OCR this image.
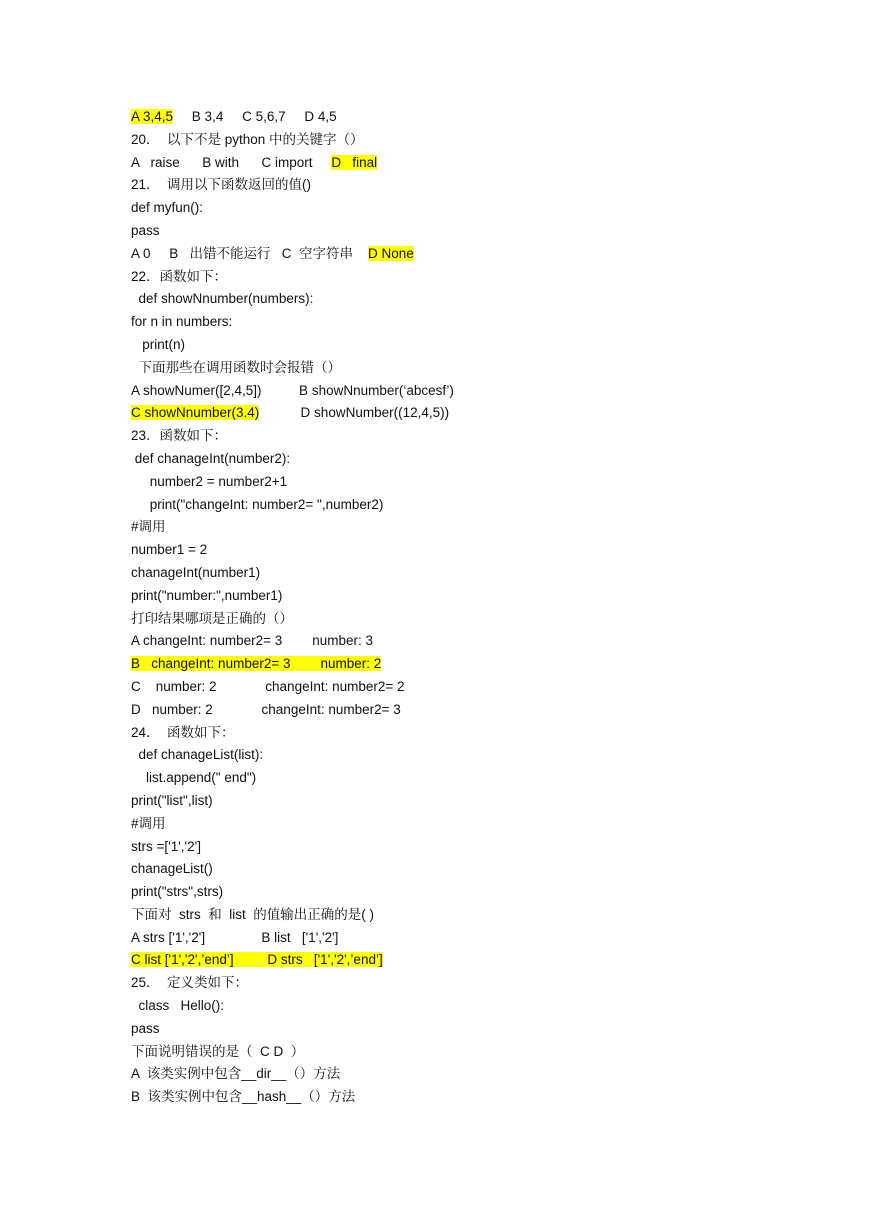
A 3,4,5     B 3,4     C 5,6,7     D 4,5
20．  以下不是 python 中的关键字（）
A   raise      B with      C import     D   final
21．  调用以下函数返回的值()
def myfun():
pass
A 0     B   出错不能运行   C  空字符串    D None
22．函数如下：
def showNnumber(numbers):
for n in numbers:
print(n)
下面那些在调用函数时会报错（）
A showNumer([2,4,5])          B showNnumber(‘abcesf’)
C showNnumber(3.4)           D showNumber((12,4,5))
23．函数如下：
def chanageInt(number2):
number2 = number2+1
print("changeInt: number2= ",number2)
#调用
number1 = 2
chanageInt(number1)
print("number:",number1)
打印结果哪项是正确的（）
A changeInt: number2= 3        number: 3
B   changeInt: number2= 3        number: 2
C    number: 2             changeInt: number2= 2
D   number: 2             changeInt: number2= 3
24．  函数如下：
def chanageList(list):
list.append(" end")
print("list",list)
#调用
strs =['1','2']
chanageList()
print("strs",strs)
下面对  strs  和  list  的值输出正确的是( )
A strs ['1','2']               B list   ['1','2']
C list ['1','2',’end’]         D strs   ['1','2',’end’]
25．  定义类如下：
class   Hello():
pass
下面说明错误的是（  C D  ）
A  该类实例中包含__dir__（）方法
B  该类实例中包含__hash__（）方法
